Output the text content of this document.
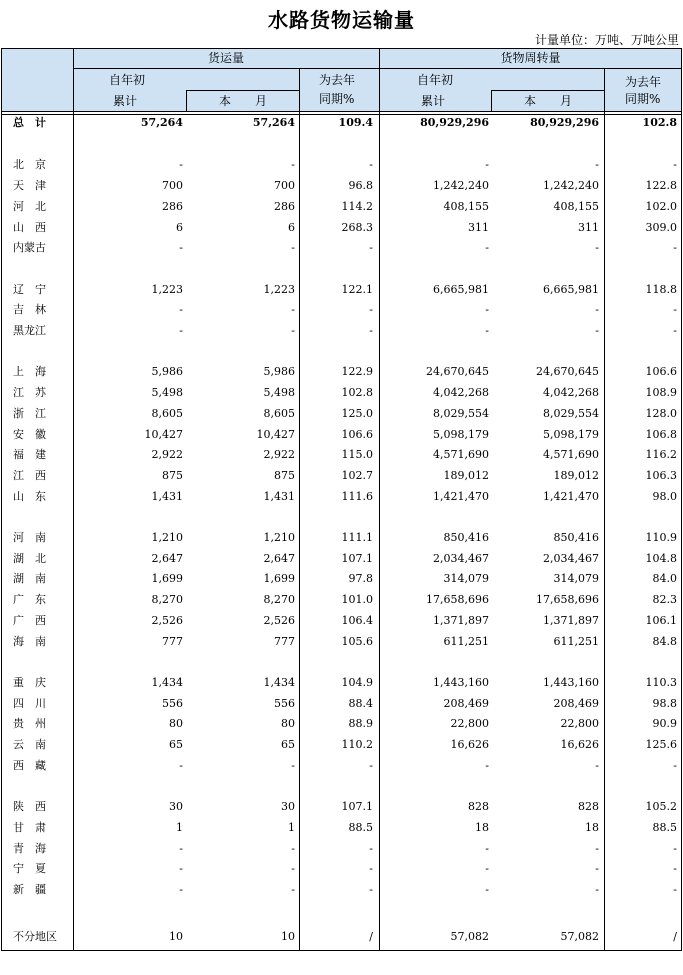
水路货物运输量
计量单位：万吨、万吨公里
货运量	货物周转量
自年初
累计	本　　月
为去年
同期%
自年初
累计	本　　月
为去年
同期%
总　计	57,264	57,264	109.4	80,929,296	80,929,296	102.8
北　京	-	-	-	-	-	-
天　津	700	700	96.8	1,242,240	1,242,240	122.8
河　北	286	286	114.2	408,155	408,155	102.0
山　西	6	6	268.3	311	311	309.0
内蒙古	-	-	-	-	-	-
辽　宁	1,223	1,223	122.1	6,665,981	6,665,981	118.8
吉　林	-	-	-	-	-	-
黑龙江	-	-	-	-	-	-
上　海	5,986	5,986	122.9	24,670,645	24,670,645	106.6
江　苏	5,498	5,498	102.8	4,042,268	4,042,268	108.9
浙　江	8,605	8,605	125.0	8,029,554	8,029,554	128.0
安　徽	10,427	10,427	106.6	5,098,179	5,098,179	106.8
福　建	2,922	2,922	115.0	4,571,690	4,571,690	116.2
江　西	875	875	102.7	189,012	189,012	106.3
山　东	1,431	1,431	111.6	1,421,470	1,421,470	98.0
河　南	1,210	1,210	111.1	850,416	850,416	110.9
湖　北	2,647	2,647	107.1	2,034,467	2,034,467	104.8
湖　南	1,699	1,699	97.8	314,079	314,079	84.0
广　东	8,270	8,270	101.0	17,658,696	17,658,696	82.3
广　西	2,526	2,526	106.4	1,371,897	1,371,897	106.1
海　南	777	777	105.6	611,251	611,251	84.8
重　庆	1,434	1,434	104.9	1,443,160	1,443,160	110.3
四　川	556	556	88.4	208,469	208,469	98.8
贵　州	80	80	88.9	22,800	22,800	90.9
云　南	65	65	110.2	16,626	16,626	125.6
西　藏	-	-	-	-	-	-
陕　西	30	30	107.1	828	828	105.2
甘　肃	1	1	88.5	18	18	88.5
青　海	-	-	-	-	-	-
宁　夏	-	-	-	-	-	-
新　疆	-	-	-	-	-	-
不分地区	10	10	/	57,082	57,082	/
